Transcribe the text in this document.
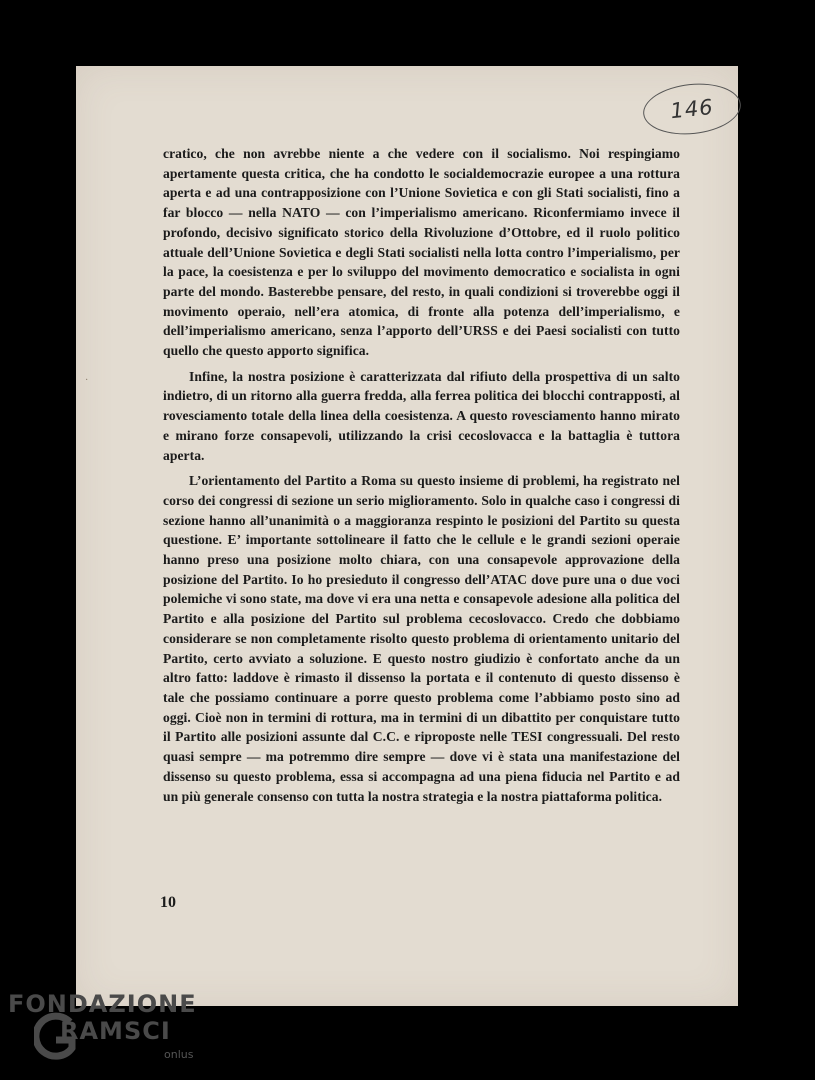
146
·

cratico, che non avrebbe niente a che vedere con il socialismo. Noi respingiamo apertamente questa critica, che ha condotto le socialdemocrazie europee a una rottura aperta e ad una contrapposizione con l’Unione Sovietica e con gli Stati socialisti, fino a far blocco — nella NATO — con l’imperialismo americano. Riconfermiamo invece il profondo, decisivo significato storico della Rivoluzione d’Ottobre, ed il ruolo politico attuale dell’Unione Sovietica e degli Stati socialisti nella lotta contro l’imperialismo, per la pace, la coesistenza e per lo sviluppo del movimento democratico e socialista in ogni parte del mondo. Basterebbe pensare, del resto, in quali condizioni si troverebbe oggi il movimento operaio, nell’era atomica, di fronte alla potenza dell’imperialismo, e dell’imperialismo americano, senza l’apporto dell’URSS e dei Paesi socialisti con tutto quello che questo apporto significa.

Infine, la nostra posizione è caratterizzata dal rifiuto della prospettiva di un salto indietro, di un ritorno alla guerra fredda, alla ferrea politica dei blocchi contrapposti, al rovesciamento totale della linea della coesistenza. A questo rovesciamento hanno mirato e mirano forze consapevoli, utilizzando la crisi cecoslovacca e la battaglia è tuttora aperta.

L’orientamento del Partito a Roma su questo insieme di problemi, ha registrato nel corso dei congressi di sezione un serio miglioramento. Solo in qualche caso i congressi di sezione hanno all’unanimità o a maggioranza respinto le posizioni del Partito su questa questione. E’ importante sottolineare il fatto che le cellule e le grandi sezioni operaie hanno preso una posizione molto chiara, con una consapevole approvazione della posizione del Partito. Io ho presieduto il congresso dell’ATAC dove pure una o due voci polemiche vi sono state, ma dove vi era una netta e consapevole adesione alla politica del Partito e alla posizione del Partito sul problema cecoslovacco. Credo che dobbiamo considerare se non completamente risolto questo problema di orientamento unitario del Partito, certo avviato a soluzione. E questo nostro giudizio è confortato anche da un altro fatto: laddove è rimasto il dissenso la portata e il contenuto di questo dissenso è tale che possiamo continuare a porre questo problema come l’abbiamo posto sino ad oggi. Cioè non in termini di rottura, ma in termini di un dibattito per conquistare tutto il Partito alle posizioni assunte dal C.C. e riproposte nelle TESI congressuali. Del resto quasi sempre — ma potremmo dire sempre — dove vi è stata una manifestazione del dissenso su questo problema, essa si accompagna ad una piena fiducia nel Partito e ad un più generale consenso con tutta la nostra strategia e la nostra piattaforma politica.

10
FONDAZIONE
RAMSCI
onlus
